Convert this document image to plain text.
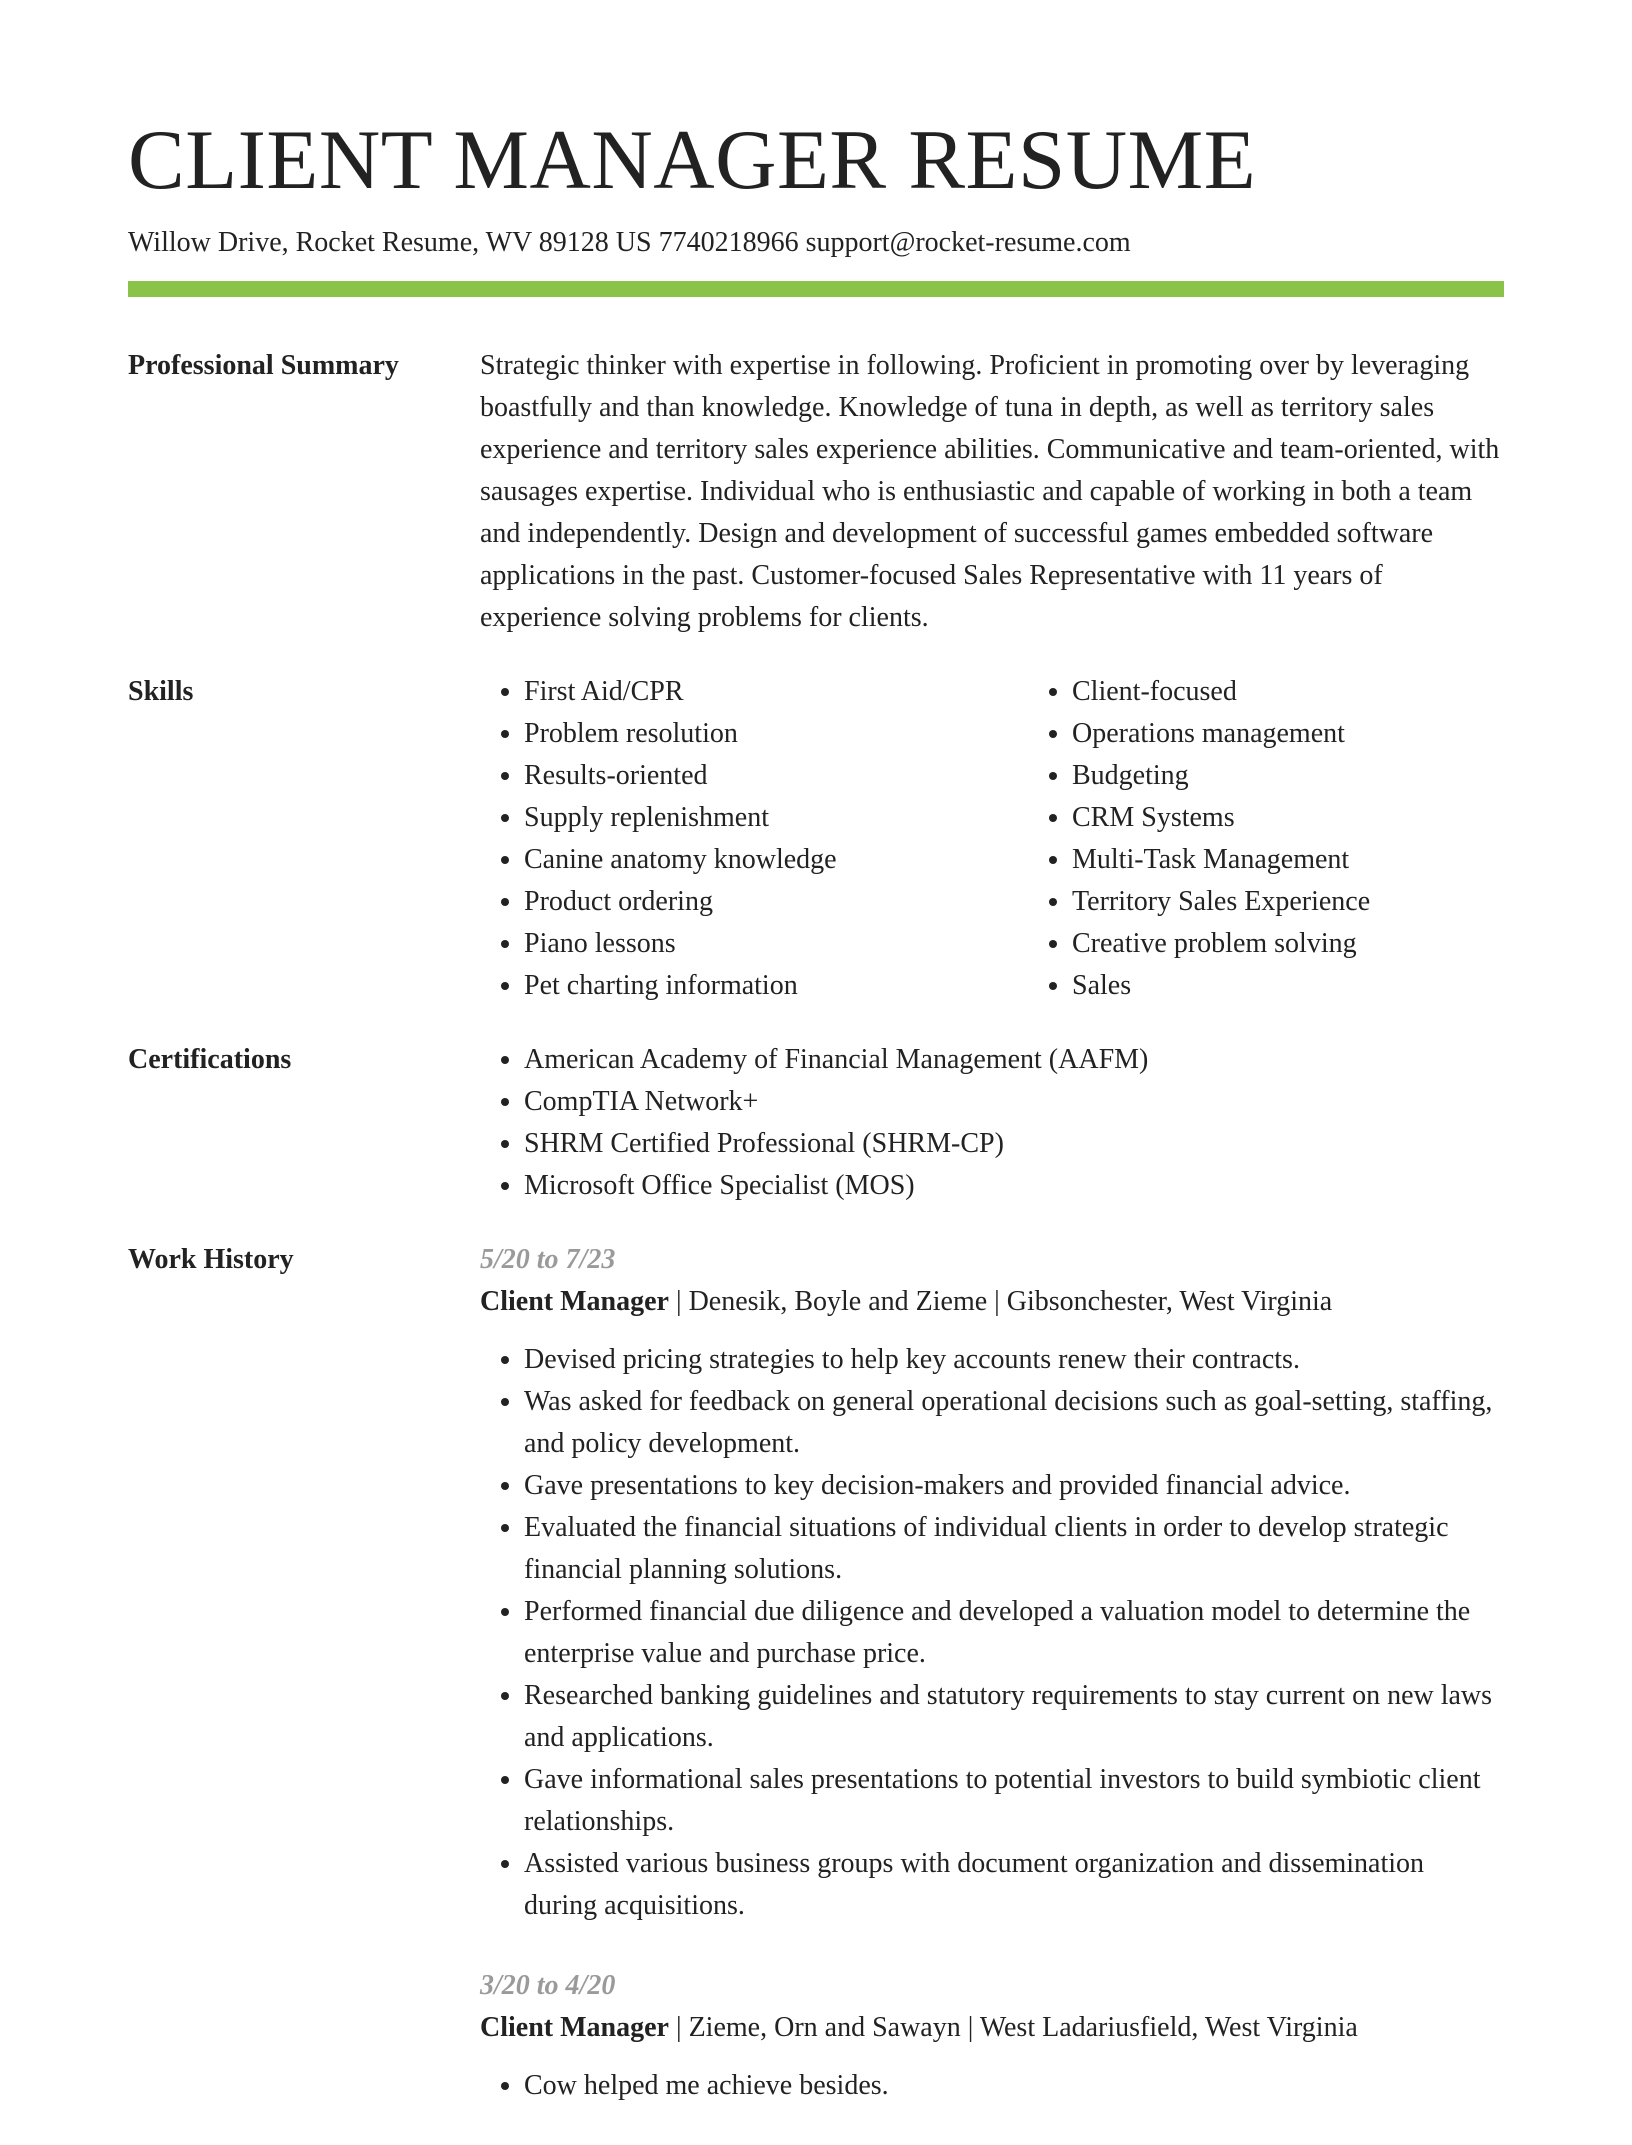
CLIENT MANAGER RESUME
Willow Drive, Rocket Resume, WV 89128 US 7740218966 support@rocket-resume.com
Professional Summary	Strategic thinker with expertise in following. Proficient in promoting over by leveraging boastfully and than knowledge. Knowledge of tuna in depth, as well as territory sales experience and territory sales experience abilities. Communicative and team-oriented, with sausages expertise. Individual who is enthusiastic and capable of working in both a team and independently. Design and development of successful games embedded software applications in the past. Customer-focused Sales Representative with 11 years of experience solving problems for clients.

Skills	• First Aid/CPR
• Problem resolution
• Results-oriented
• Supply replenishment
• Canine anatomy knowledge
• Product ordering
• Piano lessons
• Pet charting information
• Client-focused
• Operations management
• Budgeting
• CRM Systems
• Multi-Task Management
• Territory Sales Experience
• Creative problem solving
• Sales
Certifications	• American Academy of Financial Management (AAFM)
• CompTIA Network+
• SHRM Certified Professional (SHRM-CP)
• Microsoft Office Specialist (MOS)
Work History	5/20 to 7/23
Client Manager | Denesik, Boyle and Zieme | Gibsonchester, West Virginia
• Devised pricing strategies to help key accounts renew their contracts.
• Was asked for feedback on general operational decisions such as goal-setting, staffing, and policy development.
• Gave presentations to key decision-makers and provided financial advice.
• Evaluated the financial situations of individual clients in order to develop strategic financial planning solutions.
• Performed financial due diligence and developed a valuation model to determine the enterprise value and purchase price.
• Researched banking guidelines and statutory requirements to stay current on new laws and applications.
• Gave informational sales presentations to potential investors to build symbiotic client relationships.
• Assisted various business groups with document organization and dissemination during acquisitions.
3/20 to 4/20
Client Manager | Zieme, Orn and Sawayn | West Ladariusfield, West Virginia
• Cow helped me achieve besides.
